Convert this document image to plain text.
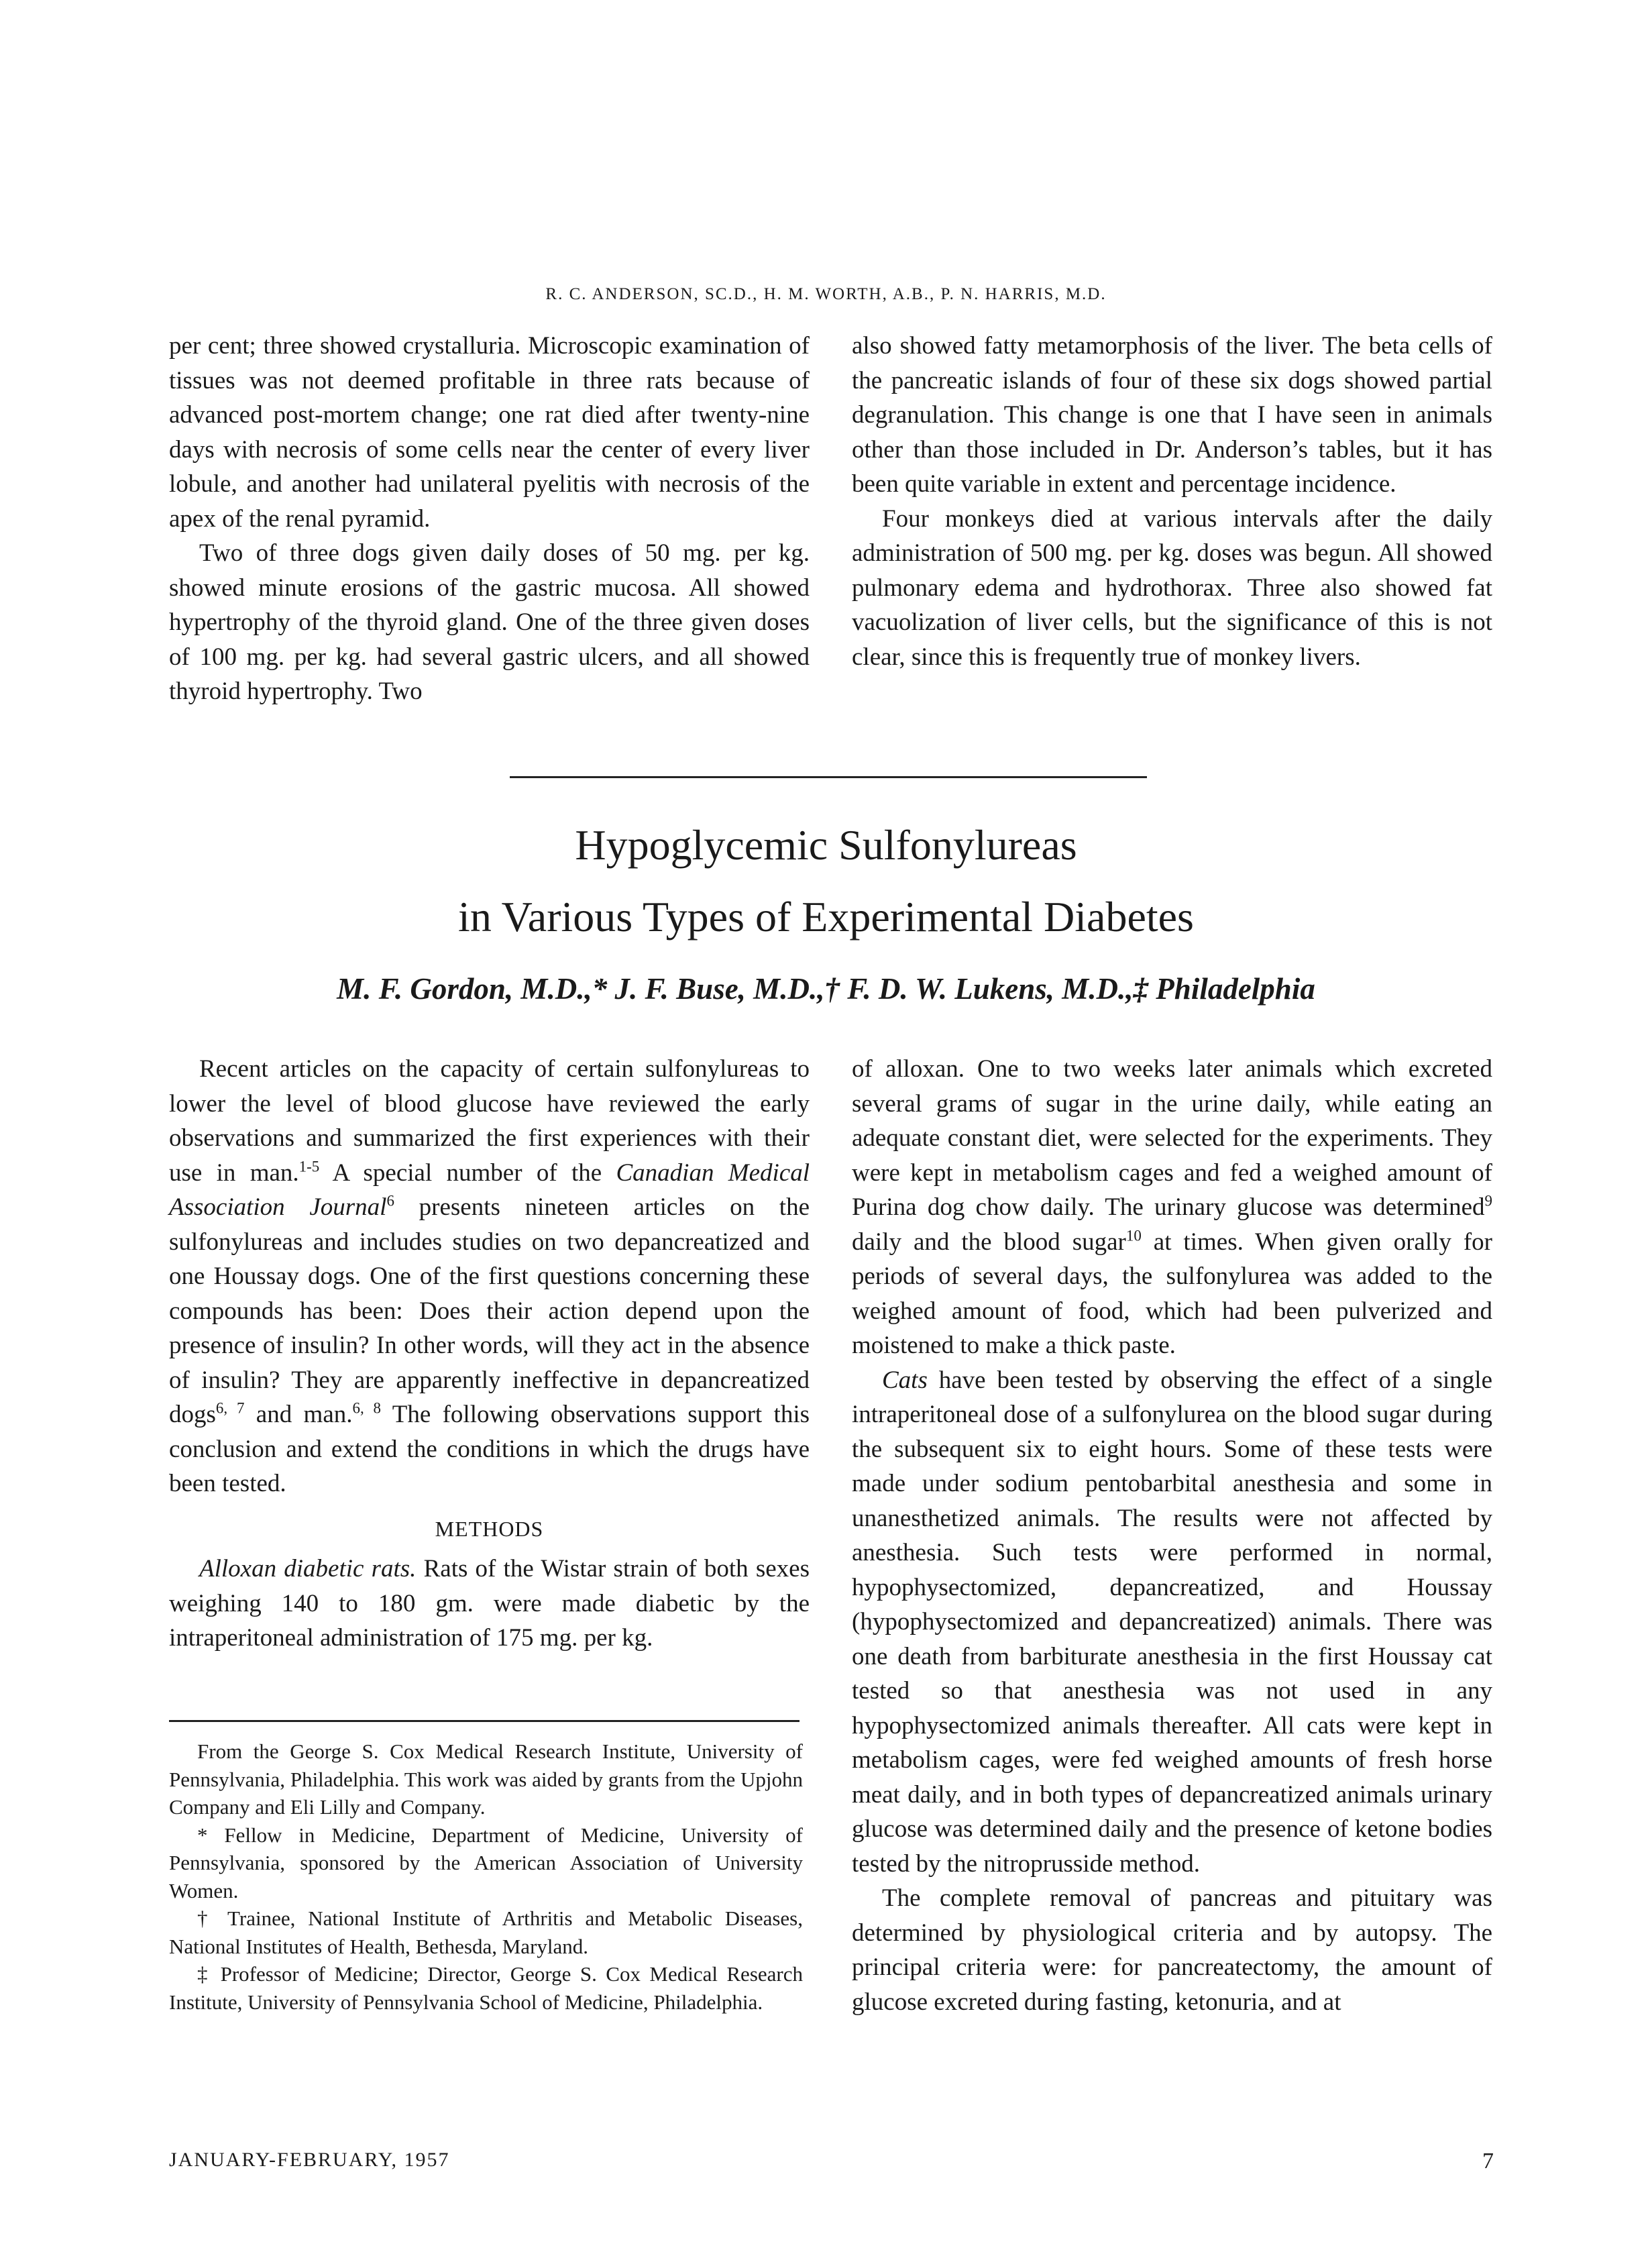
R. C. ANDERSON, SC.D., H. M. WORTH, A.B., P. N. HARRIS, M.D.

per cent; three showed crystalluria. Microscopic examination of tissues was not deemed profitable in three rats because of advanced post-mortem change; one rat died after twenty-nine days with necrosis of some cells near the center of every liver lobule, and another had unilateral pyelitis with necrosis of the apex of the renal pyramid.

Two of three dogs given daily doses of 50 mg. per kg. showed minute erosions of the gastric mucosa. All showed hypertrophy of the thyroid gland. One of the three given doses of 100 mg. per kg. had several gastric ulcers, and all showed thyroid hypertrophy. Two

also showed fatty metamorphosis of the liver. The beta cells of the pancreatic islands of four of these six dogs showed partial degranulation. This change is one that I have seen in animals other than those included in Dr. Anderson’s tables, but it has been quite variable in extent and percentage incidence.

Four monkeys died at various intervals after the daily administration of 500 mg. per kg. doses was begun. All showed pulmonary edema and hydrothorax. Three also showed fat vacuolization of liver cells, but the significance of this is not clear, since this is frequently true of monkey livers.

Hypoglycemic Sulfonylureas
in Various Types of Experimental Diabetes
M. F. Gordon, M.D.,* J. F. Buse, M.D.,† F. D. W. Lukens, M.D.,‡ Philadelphia

Recent articles on the capacity of certain sulfonylureas to lower the level of blood glucose have reviewed the early observations and summarized the first experiences with their use in man.$^{1-5}$ A special number of the Canadian Medical Association Journal$^6$ presents nineteen articles on the sulfonylureas and includes studies on two depancreatized and one Houssay dogs. One of the first questions concerning these compounds has been: Does their action depend upon the presence of insulin? In other words, will they act in the absence of insulin? They are apparently ineffective in depancreatized dogs$^{6, 7}$ and man.$^{6, 8}$ The following observations support this conclusion and extend the conditions in which the drugs have been tested.

METHODS

Alloxan diabetic rats. Rats of the Wistar strain of both sexes weighing 140 to 180 gm. were made diabetic by the intraperitoneal administration of 175 mg. per kg.

of alloxan. One to two weeks later animals which excreted several grams of sugar in the urine daily, while eating an adequate constant diet, were selected for the experiments. They were kept in metabolism cages and fed a weighed amount of Purina dog chow daily. The urinary glucose was determined$^9$ daily and the blood sugar$^{10}$ at times. When given orally for periods of several days, the sulfonylurea was added to the weighed amount of food, which had been pulverized and moistened to make a thick paste.

Cats have been tested by observing the effect of a single intraperitoneal dose of a sulfonylurea on the blood sugar during the subsequent six to eight hours. Some of these tests were made under sodium pentobarbital anesthesia and some in unanesthetized animals. The results were not affected by anesthesia. Such tests were performed in normal, hypophysectomized, depancreatized, and Houssay (hypophysectomized and depancreatized) animals. There was one death from barbiturate anesthesia in the first Houssay cat tested so that anesthesia was not used in any hypophysectomized animals thereafter. All cats were kept in metabolism cages, were fed weighed amounts of fresh horse meat daily, and in both types of depancreatized animals urinary glucose was determined daily and the presence of ketone bodies tested by the nitroprusside method.

The complete removal of pancreas and pituitary was determined by physiological criteria and by autopsy. The principal criteria were: for pancreatectomy, the amount of glucose excreted during fasting, ketonuria, and at

From the George S. Cox Medical Research Institute, University of Pennsylvania, Philadelphia. This work was aided by grants from the Upjohn Company and Eli Lilly and Company.

* Fellow in Medicine, Department of Medicine, University of Pennsylvania, sponsored by the American Association of University Women.

† Trainee, National Institute of Arthritis and Metabolic Diseases, National Institutes of Health, Bethesda, Maryland.

‡ Professor of Medicine; Director, George S. Cox Medical Research Institute, University of Pennsylvania School of Medicine, Philadelphia.

JANUARY-FEBRUARY, 1957	7
